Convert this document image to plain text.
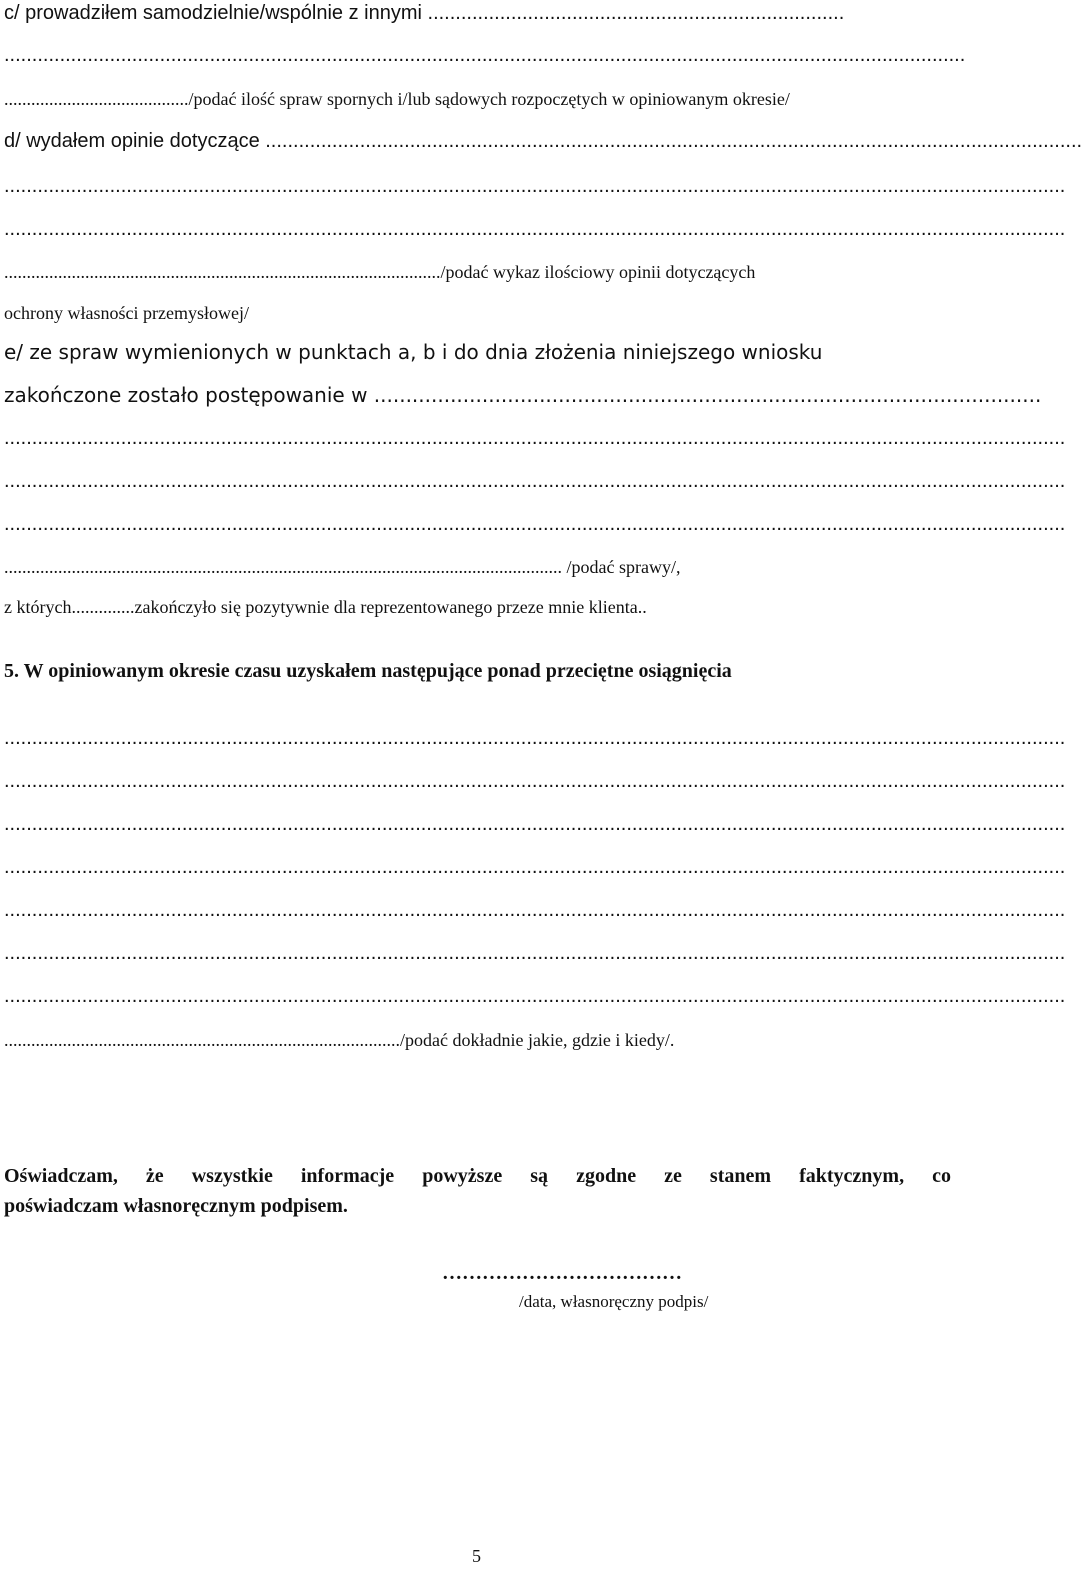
c/ prowadziłem samodzielnie/wspólnie z innymi ...........................................................................
.............................................................................................................................................................................
........................................./podać ilość spraw spornych i/lub sądowych rozpoczętych w opiniowanym okresie/
d/ wydałem opinie dotyczące ...................................................................................................................................................
...............................................................................................................................................................................................
...............................................................................................................................................................................................
................................................................................................./podać wykaz ilościowy opinii dotyczących
ochrony własności przemysłowej/
e/ ze spraw wymienionych w punktach a, b i do dnia złożenia niniejszego wniosku
zakończone zostało postępowanie w .........................................................................................................
...............................................................................................................................................................................................
...............................................................................................................................................................................................
...............................................................................................................................................................................................
............................................................................................................................ /podać sprawy/,
z których..............zakończyło się pozytywnie dla reprezentowanego przeze mnie klienta..
5. W opiniowanym okresie czasu uzyskałem następujące ponad przeciętne osiągnięcia
...............................................................................................................................................................................................
...............................................................................................................................................................................................
...............................................................................................................................................................................................
...............................................................................................................................................................................................
...............................................................................................................................................................................................
...............................................................................................................................................................................................
...............................................................................................................................................................................................
......................................................................................../podać dokładnie jakie, gdzie i kiedy/.
Oświadczam, że wszystkie informacje powyższe są zgodne ze stanem faktycznym, co
poświadczam własnoręcznym podpisem.
………………………………
/data, własnoręczny podpis/
5
